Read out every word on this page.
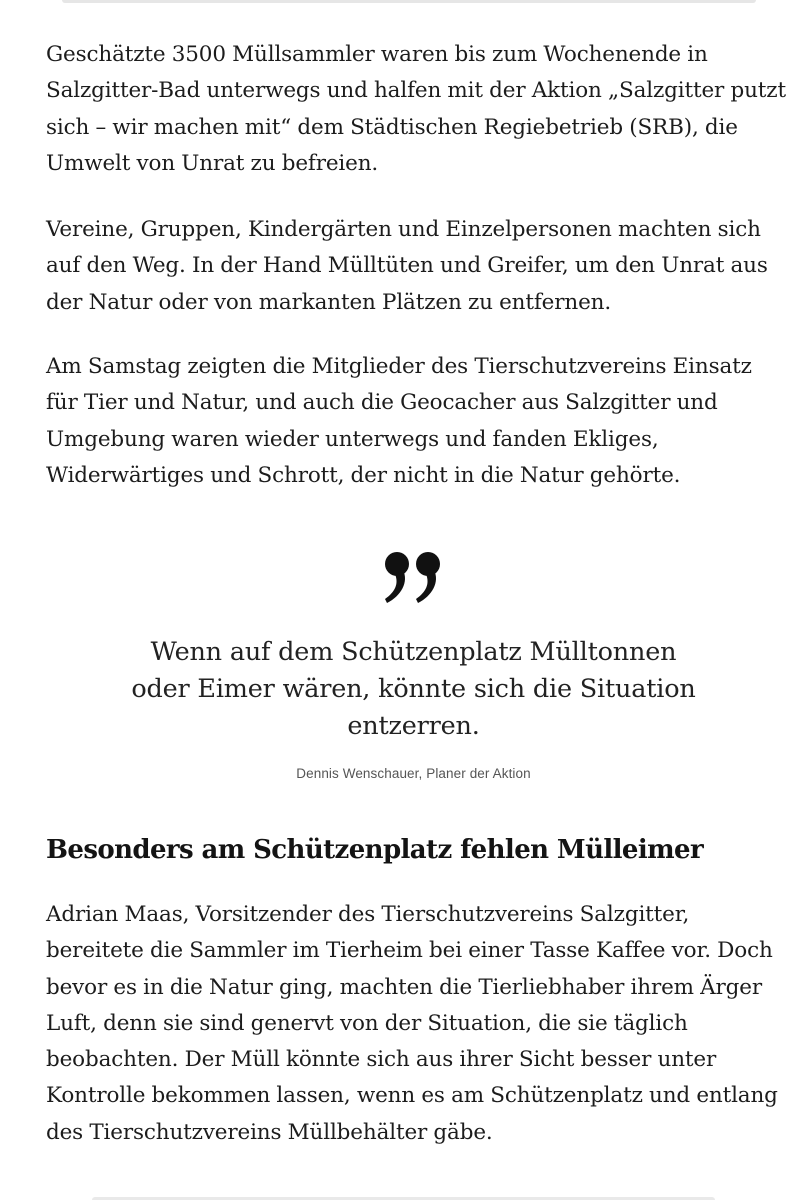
Geschätzte 3500 Müllsammler waren bis zum Wochenende in Salzgitter-Bad unterwegs und halfen mit der Aktion „Salzgitter putzt sich – wir machen mit“ dem Städtischen Regiebetrieb (SRB), die Umwelt von Unrat zu befreien.

Vereine, Gruppen, Kindergärten und Einzelpersonen machten sich auf den Weg. In der Hand Mülltüten und Greifer, um den Unrat aus der Natur oder von markanten Plätzen zu entfernen.

Am Samstag zeigten die Mitglieder des Tierschutzvereins Einsatz für Tier und Natur, und auch die Geocacher aus Salzgitter und Umgebung waren wieder unterwegs und fanden Ekliges, Widerwärtiges und Schrott, der nicht in die Natur gehörte.

Besonders am Schützenplatz fehlen Mülleimer

Adrian Maas, Vorsitzender des Tierschutzvereins Salzgitter, bereitete die Sammler im Tierheim bei einer Tasse Kaffee vor. Doch bevor es in die Natur ging, machten die Tierliebhaber ihrem Ärger Luft, denn sie sind genervt von der Situation, die sie täglich beobachten. Der Müll könnte sich aus ihrer Sicht besser unter Kontrolle bekommen lassen, wenn es am Schützenplatz und entlang des Tierschutzvereins Müllbehälter gäbe.

Wenn auf dem Schützenplatz Mülltonnen oder Eimer wären, könnte sich die Situation entzerren.

Dennis Wenschauer, Planer der Aktion
